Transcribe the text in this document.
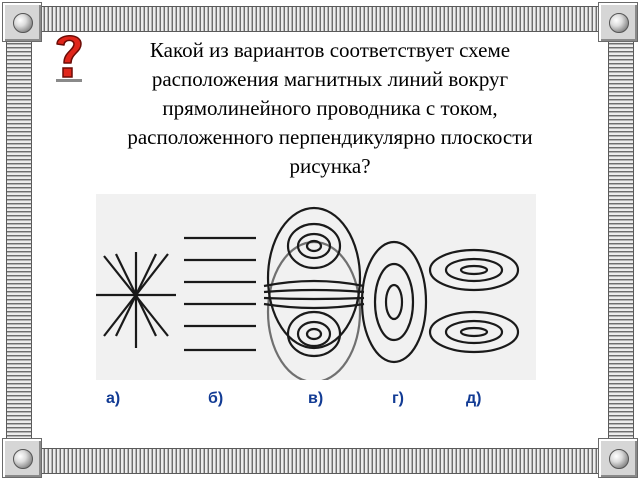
Какой из вариантов соответствует схеме
расположения магнитных линий вокруг
прямолинейного проводника с током,
расположенного перпендикулярно плоскости
рисунка?
а)	б)	в)	г)	д)
